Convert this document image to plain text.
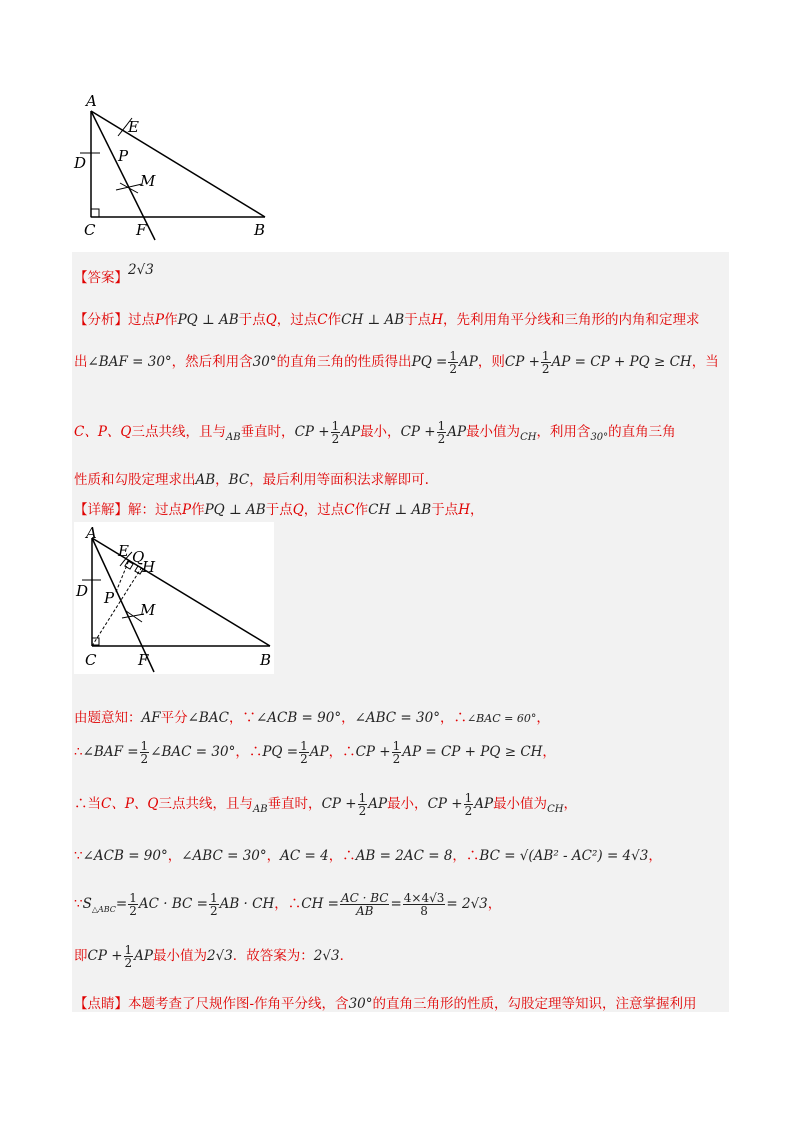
A
E
D P
M
C	F	B
【答案】2√3
【分析】过点P作PQ ⊥ AB于点Q，过点C作CH ⊥ AB于点H，先利用角平分线和三角形的内角和定理求
出∠BAF = 30°，然后利用含30°的直角三角的性质得出PQ = $\frac{1}{2}$ AP，则CP + $\frac{1}{2}$ AP = CP + PQ ≥ CH，当
C、P、Q三点共线，且与$_{AB}$垂直时，CP + $\frac{1}{2}$ AP最小，CP + $\frac{1}{2}$ AP最小值为$_{CH}$，利用含$_{30^\circ}$的直角三角
性质和勾股定理求出AB，BC，最后利用等面积法求解即可.
【详解】解：过点P作PQ ⊥ AB于点Q，过点C作CH ⊥ AB于点H，
A
E Q
H
D P
M
C	F	B
由题意知：AF平分∠BAC，∵∠ACB = 90°，∠ABC = 30°，∴∠BAC = 60°，
∴∠BAF = $\frac{1}{2}$ ∠BAC = 30°，∴PQ = $\frac{1}{2}$ AP，∴CP + $\frac{1}{2}$ AP = CP + PQ ≥ CH，
∴当C、P、Q三点共线，且与$_{AB}$垂直时，CP + $\frac{1}{2}$ AP最小，CP + $\frac{1}{2}$ AP最小值为$_{CH}$，
∵∠ACB = 90°，∠ABC = 30°，AC = 4，∴AB = 2AC = 8，∴BC = √(AB² - AC²) = 4√3，
$\because S_{\triangle ABC}= \frac{1}{2}$ AC · BC = $\frac{1}{2}$ AB · CH，∴CH = $\frac{AC \cdot BC}{AB} = \frac{4\times 4√3}{8} = 2√3$，
即CP + $\frac{1}{2}$ AP最小值为2√3．故答案为：2√3．
【点睛】本题考查了尺规作图-作角平分线，含30°的直角三角形的性质，勾股定理等知识，注意掌握利用
